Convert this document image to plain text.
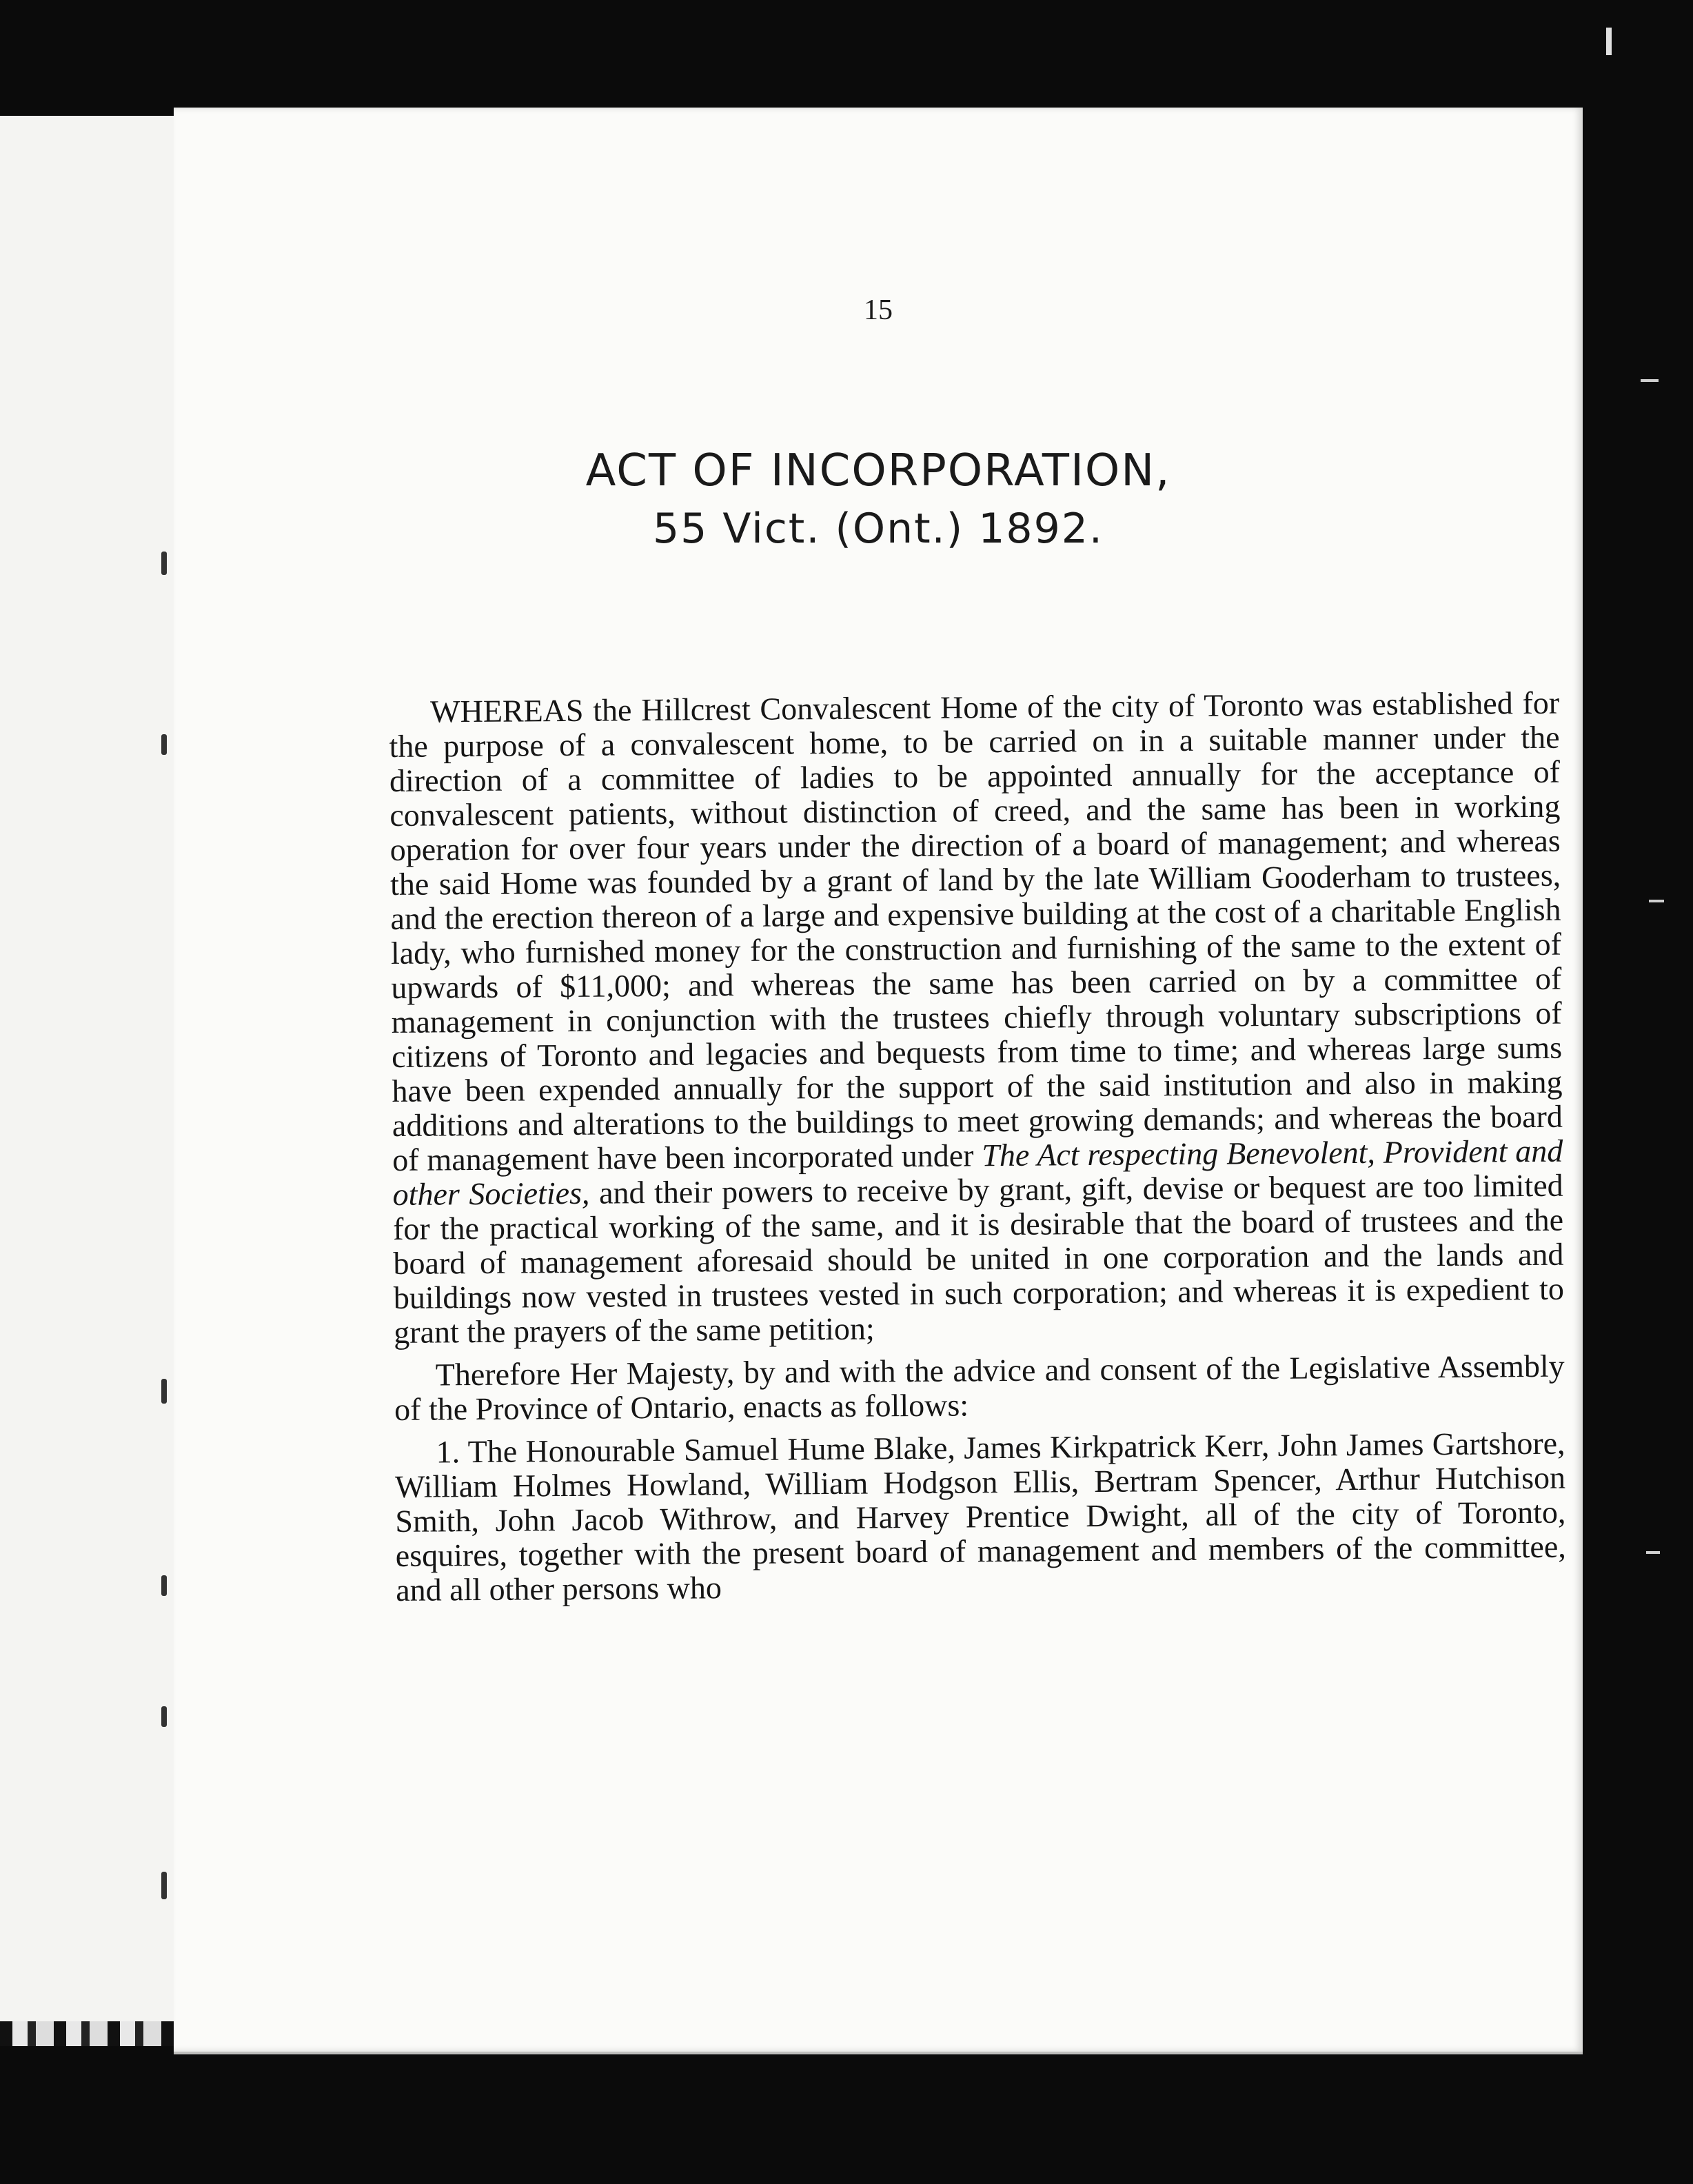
15
ACT OF INCORPORATION,
55 Vict. (Ont.) 1892.

WHEREAS the Hillcrest Convalescent Home of the city of Toronto was established for the purpose of a convalescent home, to be carried on in a suitable manner under the direction of a committee of ladies to be appointed annually for the acceptance of convalescent patients, without distinction of creed, and the same has been in working operation for over four years under the direction of a board of management; and whereas the said Home was founded by a grant of land by the late William Gooderham to trustees, and the erection thereon of a large and expensive building at the cost of a charitable English lady, who furnished money for the construction and furnishing of the same to the extent of upwards of $11,000; and whereas the same has been carried on by a committee of management in conjunction with the trustees chiefly through voluntary subscriptions of citizens of Toronto and legacies and bequests from time to time; and whereas large sums have been expended annually for the support of the said institution and also in making additions and alterations to the buildings to meet growing demands; and whereas the board of management have been incorporated under The Act respecting Benevolent, Provident and other Societies, and their powers to receive by grant, gift, devise or bequest are too limited for the practical working of the same, and it is desirable that the board of trustees and the board of management aforesaid should be united in one corporation and the lands and buildings now vested in trustees vested in such corporation; and whereas it is expedient to grant the prayers of the same petition;

Therefore Her Majesty, by and with the advice and consent of the Legislative Assembly of the Province of Ontario, enacts as follows:

1. The Honourable Samuel Hume Blake, James Kirkpatrick Kerr, John James Gartshore, William Holmes Howland, William Hodgson Ellis, Bertram Spencer, Arthur Hutchison Smith, John Jacob Withrow, and Harvey Prentice Dwight, all of the city of Toronto, esquires, together with the present board of management and members of the committee, and all other persons who
